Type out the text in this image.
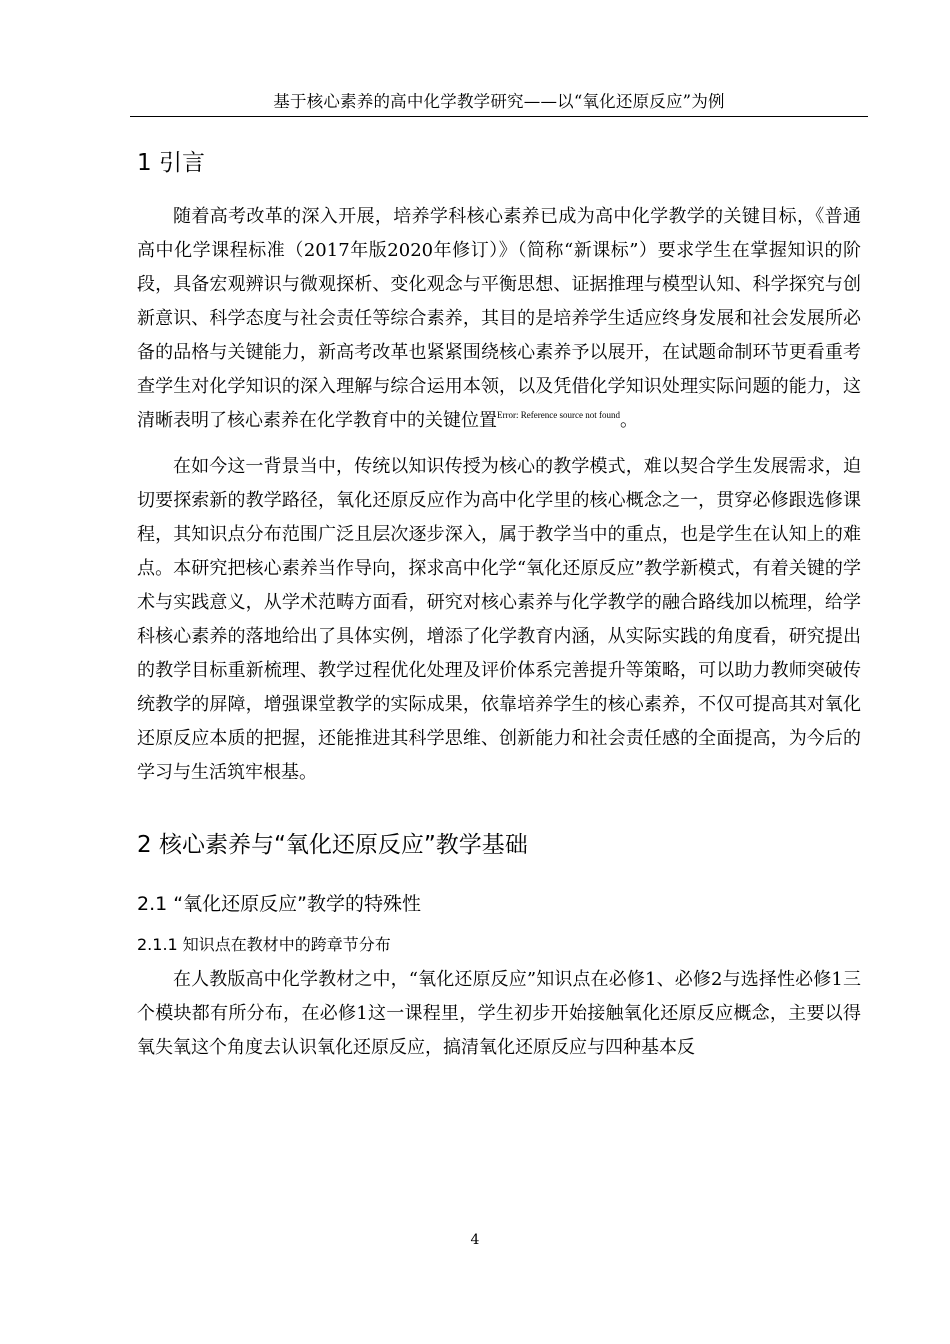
基于核心素养的高中化学教学研究——以“氧化还原反应”为例
1 引言

随着高考改革的深入开展，培养学科核心素养已成为高中化学教学的关键目标，《普通高中化学课程标准（2017年版2020年修订）》（简称“新课标”）要求学生在掌握知识的阶段，具备宏观辨识与微观探析、变化观念与平衡思想、证据推理与模型认知、科学探究与创新意识、科学态度与社会责任等综合素养，其目的是培养学生适应终身发展和社会发展所必备的品格与关键能力，新高考改革也紧紧围绕核心素养予以展开，在试题命制环节更看重考查学生对化学知识的深入理解与综合运用本领，以及凭借化学知识处理实际问题的能力，这清晰表明了核心素养在化学教育中的关键位置$^{Error: Reference source not found}$。

在如今这一背景当中，传统以知识传授为核心的教学模式，难以契合学生发展需求，迫切要探索新的教学路径，氧化还原反应作为高中化学里的核心概念之一，贯穿必修跟选修课程，其知识点分布范围广泛且层次逐步深入，属于教学当中的重点，也是学生在认知上的难点。本研究把核心素养当作导向，探求高中化学“氧化还原反应”教学新模式，有着关键的学术与实践意义，从学术范畴方面看，研究对核心素养与化学教学的融合路线加以梳理，给学科核心素养的落地给出了具体实例，增添了化学教育内涵，从实际实践的角度看，研究提出的教学目标重新梳理、教学过程优化处理及评价体系完善提升等策略，可以助力教师突破传统教学的屏障，增强课堂教学的实际成果，依靠培养学生的核心素养，不仅可提高其对氧化还原反应本质的把握，还能推进其科学思维、创新能力和社会责任感的全面提高，为今后的学习与生活筑牢根基。

2 核心素养与“氧化还原反应”教学基础
2.1 “氧化还原反应”教学的特殊性
2.1.1 知识点在教材中的跨章节分布

在人教版高中化学教材之中，“氧化还原反应”知识点在必修1、必修2与选择性必修1三个模块都有所分布，在必修1这一课程里，学生初步开始接触氧化还原反应概念，主要以得氧失氧这个角度去认识氧化还原反应，搞清氧化还原反应与四种基本反

4
